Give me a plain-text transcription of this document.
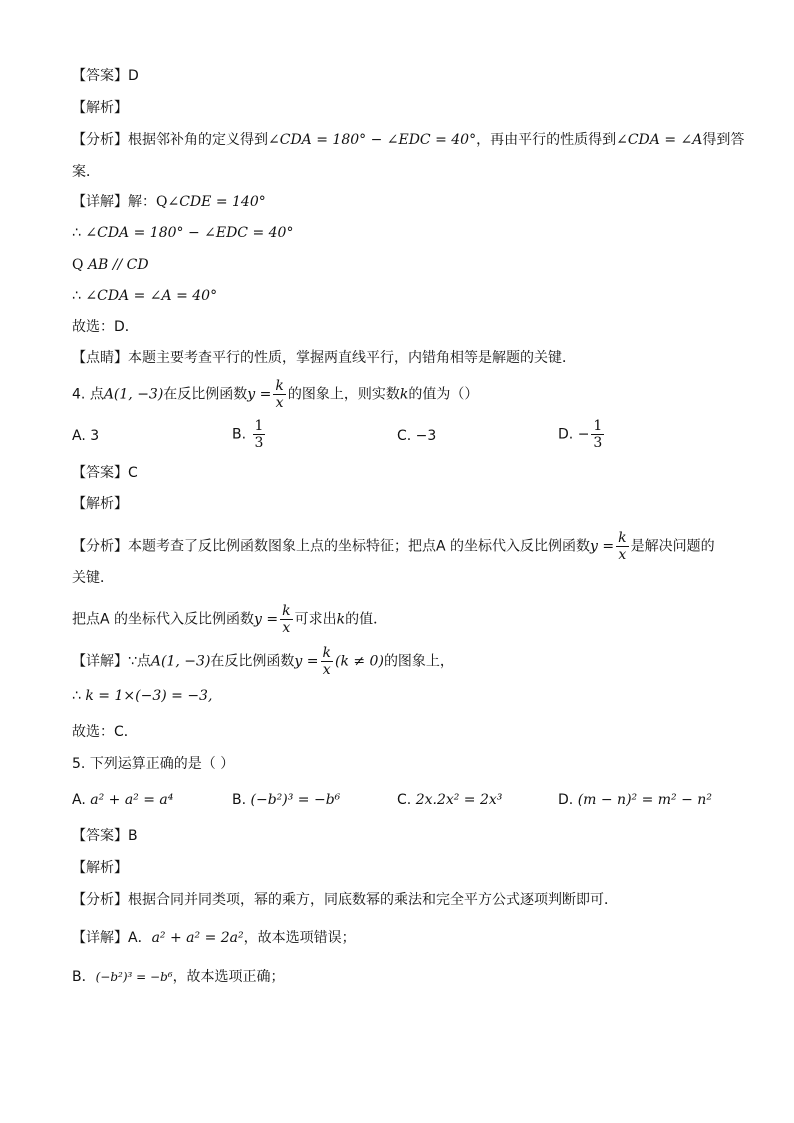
【答案】D
【解析】
【分析】根据邻补角的定义得到∠CDA = 180° − ∠EDC = 40°，再由平行的性质得到∠CDA = ∠A得到答
案．
【详解】解：Q∠CDE = 140°
∴ ∠CDA = 180° − ∠EDC = 40°
Q AB // CD
∴ ∠CDA = ∠A = 40°
故选：D．
【点睛】本题主要考查平行的性质，掌握两直线平行，内错角相等是解题的关键．
4. 点A(1, −3)在反比例函数$y = \frac{k}{x}$ 的图象上，则实数k的值为（）
A. 3	B. $\frac{1}{3}$	C. −3	D. − $\frac{1}{3}$
【答案】C
【解析】
【分析】本题考查了反比例函数图象上点的坐标特征；把点A 的坐标代入反比例函数$y = \frac{k}{x}$ 是解决问题的
关键．
把点A 的坐标代入反比例函数$y = \frac{k}{x}$ 可求出k的值．
【详解】∵点A(1, −3)在反比例函数$y = \frac{k}{x} (k \ne 0)$的图象上，
∴ k = 1×(−3) = −3,
故选：C．
5. 下列运算正确的是（ ）
A. a² + a² = a⁴	B. (−b²)³ = −b⁶	C. 2x.2x² = 2x³	D. (m − n)² = m² − n²
【答案】B
【解析】
【分析】根据合同并同类项，幂的乘方，同底数幂的乘法和完全平方公式逐项判断即可．
【详解】A．a² + a² = 2a²，故本选项错误；
B．(−b²)³ = −b⁶，故本选项正确；
